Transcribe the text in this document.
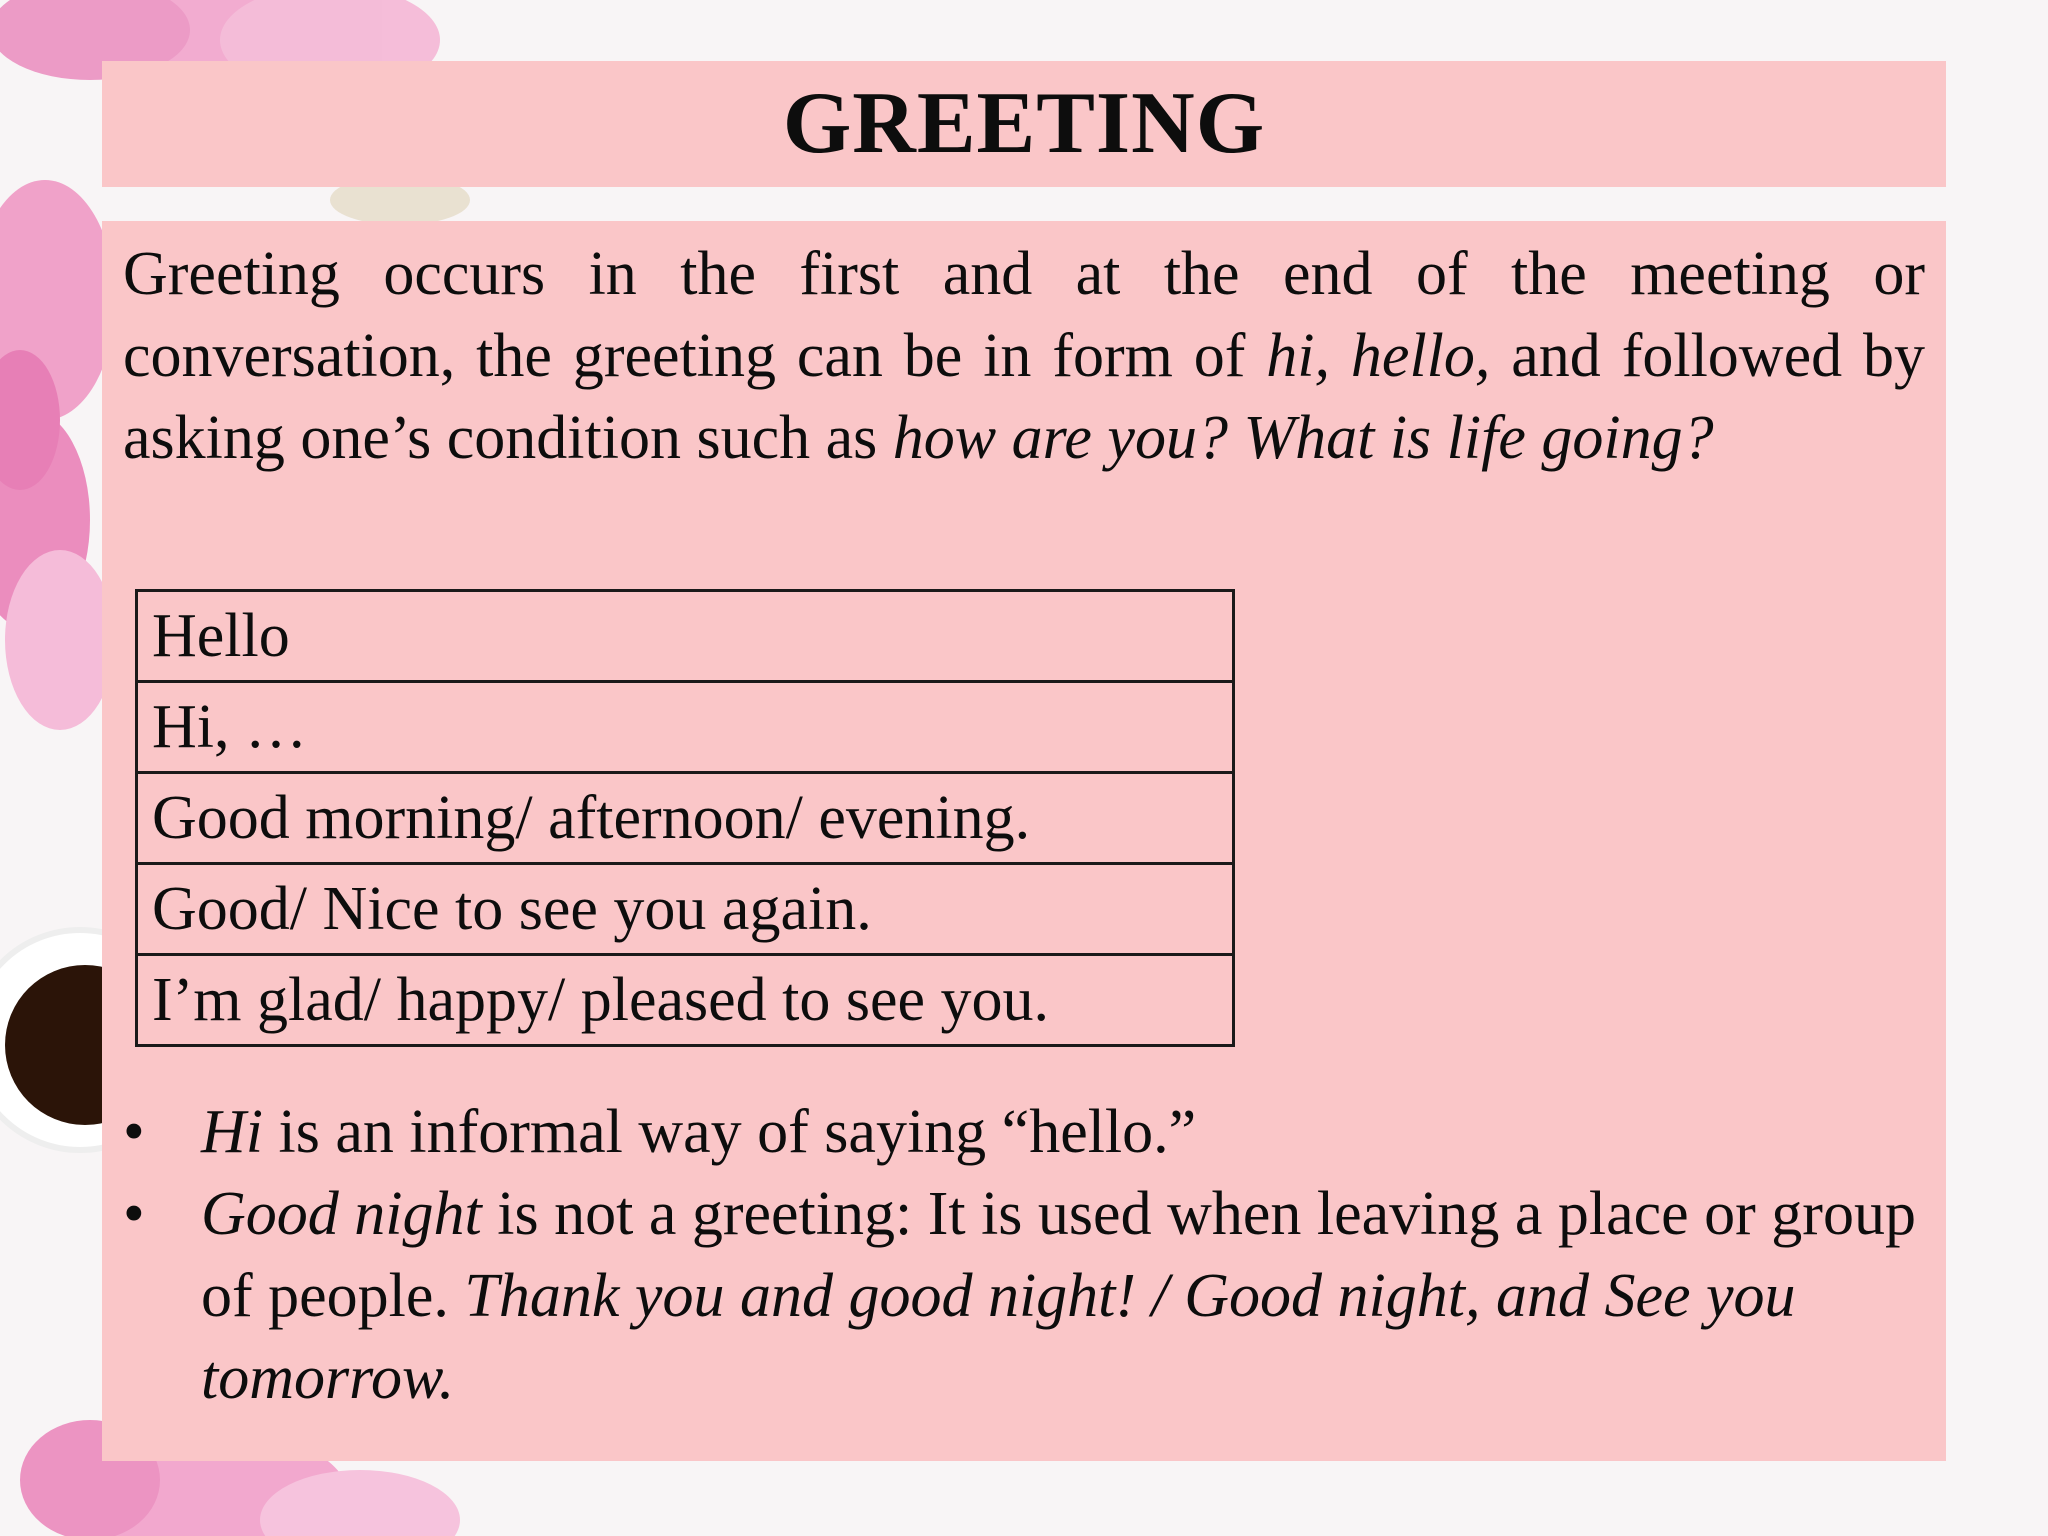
GREETING

Greeting occurs in the first and at the end of the meeting or conversation, the greeting can be in form of hi, hello, and followed by asking one’s condition such as how are you? What is life going?

Hello
Hi, …
Good morning/ afternoon/ evening.
Good/ Nice to see you again.
I’m glad/ happy/ pleased to see you.
• Hi is an informal way of saying “hello.”
• Good night is not a greeting: It is used when leaving a place or group of people. Thank you and good night! / Good night, and See you tomorrow.
